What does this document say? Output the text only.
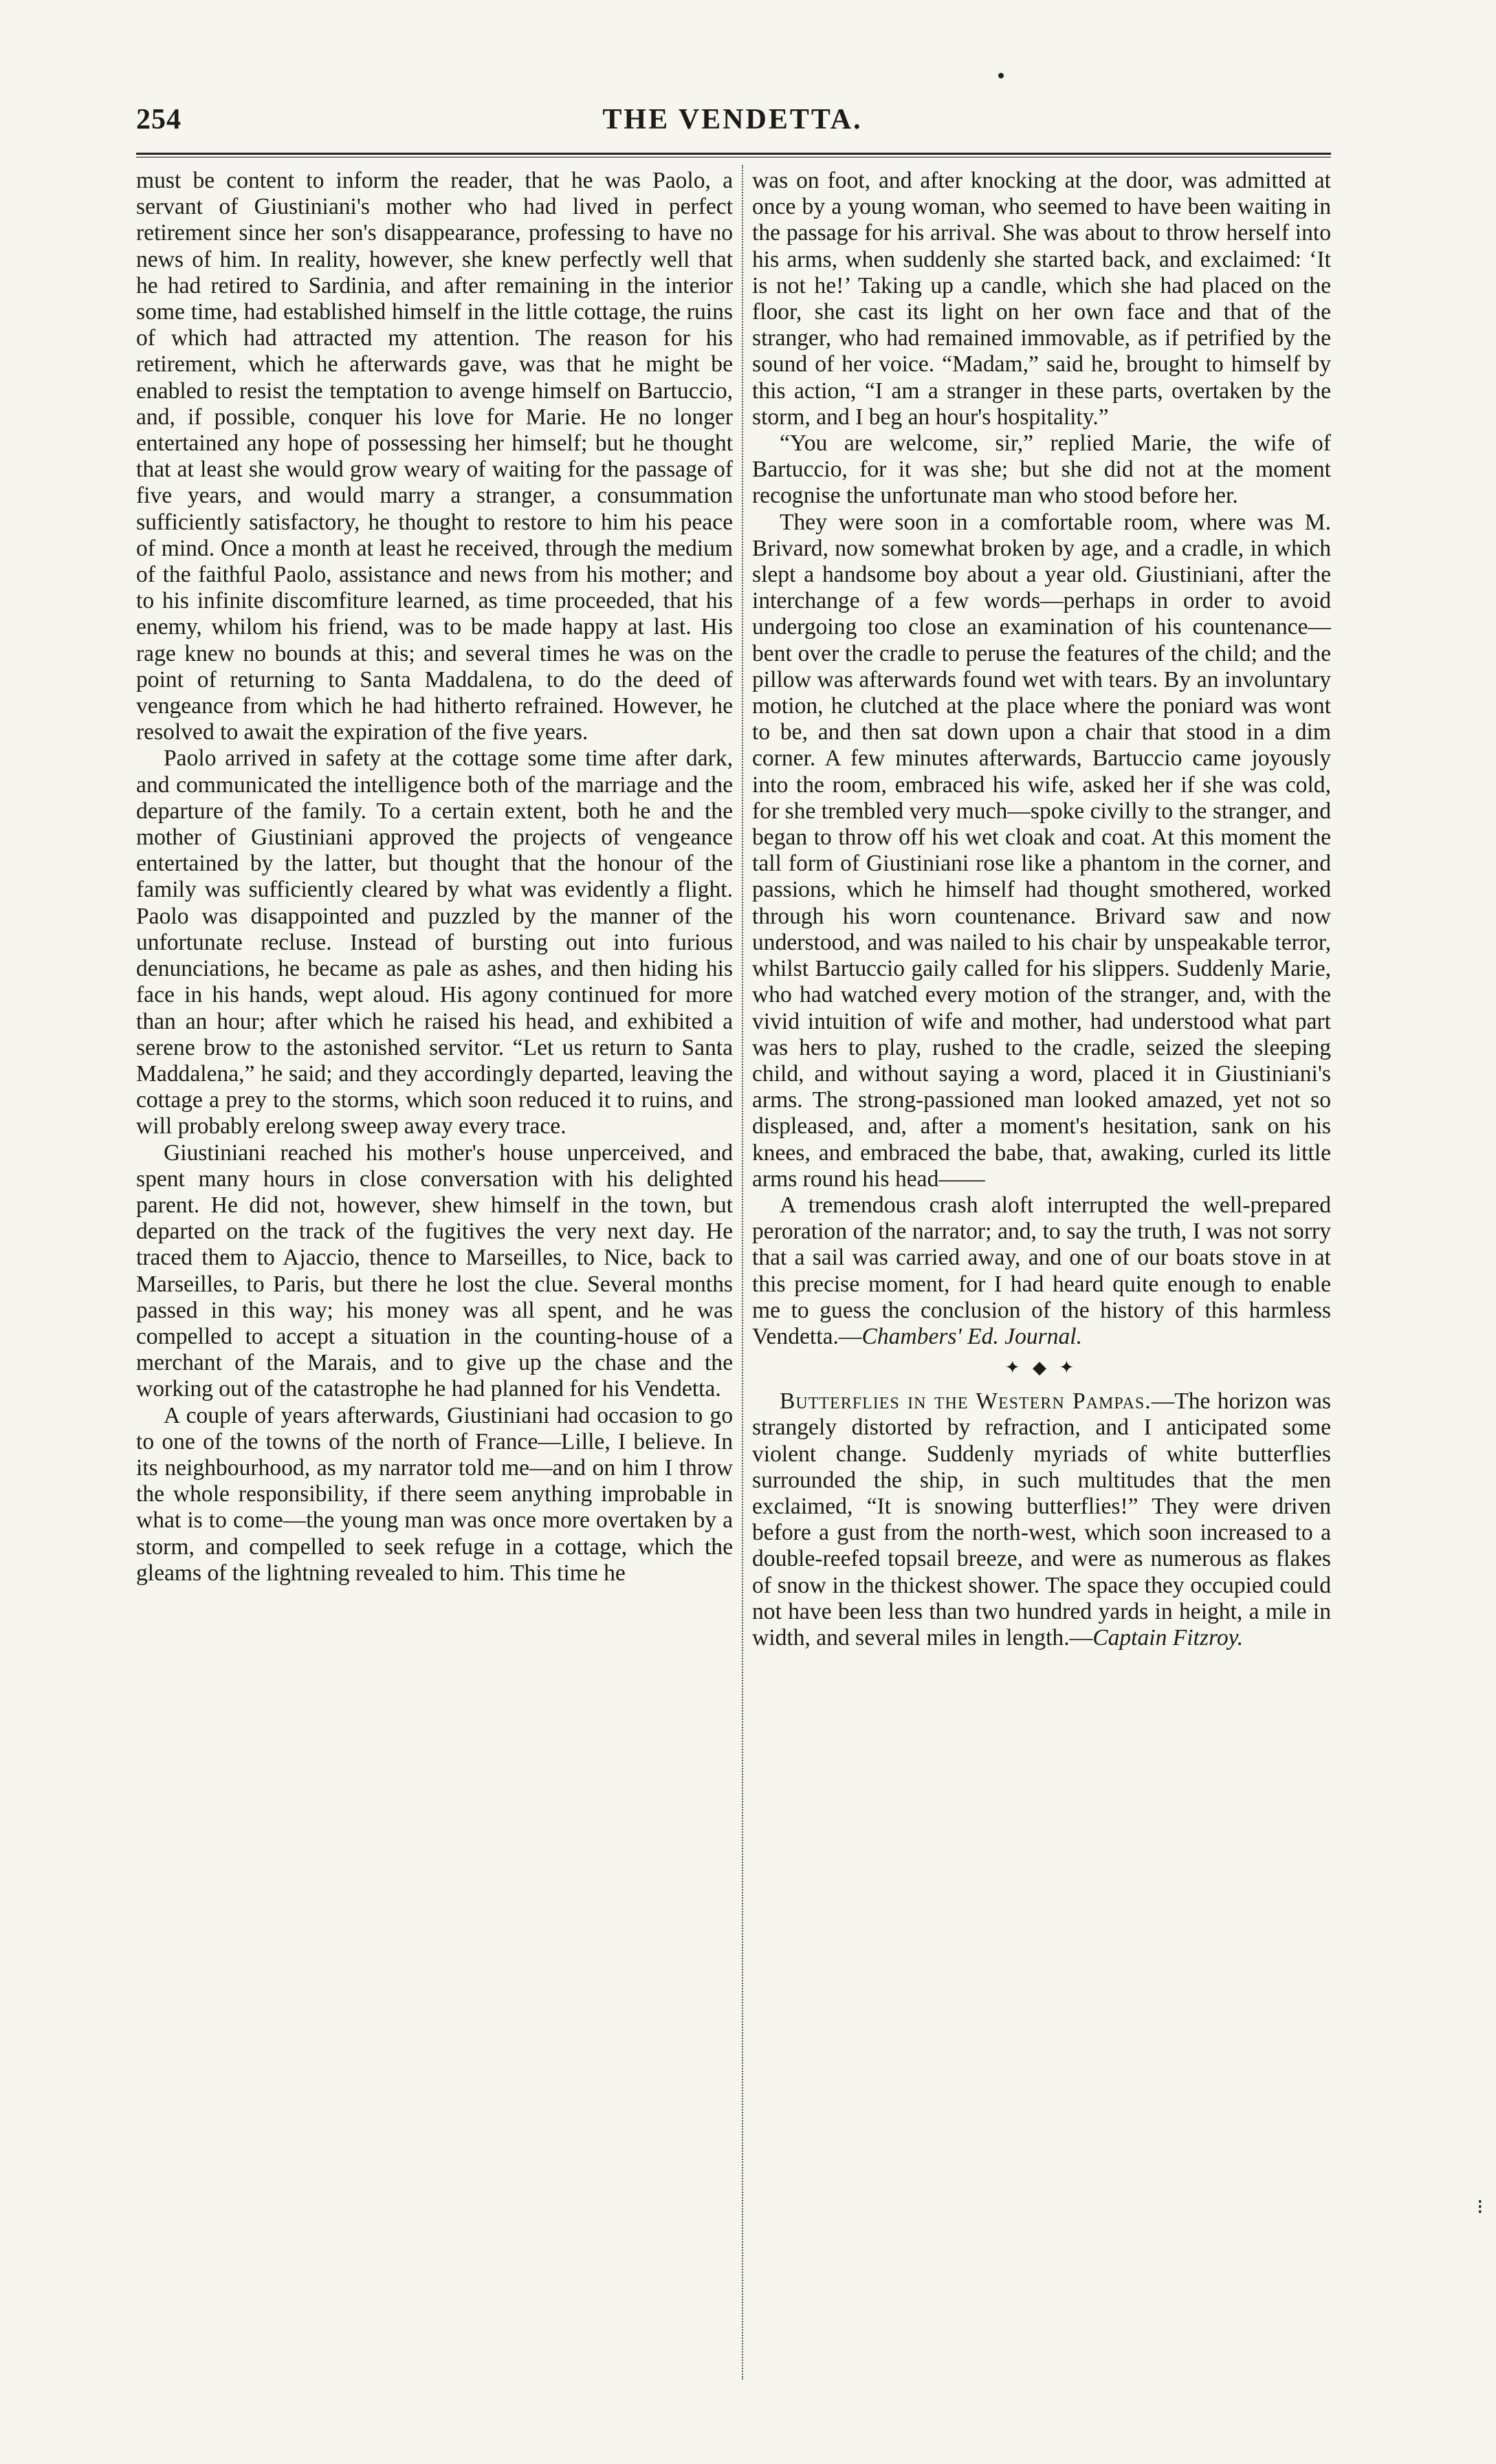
254	THE VENDETTA.

must be content to inform the reader, that he was Paolo, a servant of Giustiniani's mother who had lived in perfect retirement since her son's disappearance, professing to have no news of him. In reality, however, she knew perfectly well that he had retired to Sardinia, and after remaining in the interior some time, had established himself in the little cottage, the ruins of which had attracted my attention. The reason for his retirement, which he afterwards gave, was that he might be enabled to resist the temptation to avenge himself on Bartuccio, and, if possible, conquer his love for Marie. He no longer entertained any hope of possessing her himself; but he thought that at least she would grow weary of waiting for the passage of five years, and would marry a stranger, a consummation sufficiently satisfactory, he thought to restore to him his peace of mind. Once a month at least he received, through the medium of the faithful Paolo, assistance and news from his mother; and to his infinite discomfiture learned, as time proceeded, that his enemy, whilom his friend, was to be made happy at last. His rage knew no bounds at this; and several times he was on the point of returning to Santa Maddalena, to do the deed of vengeance from which he had hitherto refrained. However, he resolved to await the expiration of the five years.

Paolo arrived in safety at the cottage some time after dark, and communicated the intelligence both of the marriage and the departure of the family. To a certain extent, both he and the mother of Giustiniani approved the projects of vengeance entertained by the latter, but thought that the honour of the family was sufficiently cleared by what was evidently a flight. Paolo was disappointed and puzzled by the manner of the unfortunate recluse. Instead of bursting out into furious denunciations, he became as pale as ashes, and then hiding his face in his hands, wept aloud. His agony continued for more than an hour; after which he raised his head, and exhibited a serene brow to the astonished servitor. “Let us return to Santa Maddalena,” he said; and they accordingly departed, leaving the cottage a prey to the storms, which soon reduced it to ruins, and will probably erelong sweep away every trace.

Giustiniani reached his mother's house unperceived, and spent many hours in close conversation with his delighted parent. He did not, however, shew himself in the town, but departed on the track of the fugitives the very next day. He traced them to Ajaccio, thence to Marseilles, to Nice, back to Marseilles, to Paris, but there he lost the clue. Several months passed in this way; his money was all spent, and he was compelled to accept a situation in the counting-house of a merchant of the Marais, and to give up the chase and the working out of the catastrophe he had planned for his Vendetta.

A couple of years afterwards, Giustiniani had occasion to go to one of the towns of the north of France—Lille, I believe. In its neighbourhood, as my narrator told me—and on him I throw the whole responsibility, if there seem anything improbable in what is to come—the young man was once more overtaken by a storm, and compelled to seek refuge in a cottage, which the gleams of the lightning revealed to him. This time he

was on foot, and after knocking at the door, was admitted at once by a young woman, who seemed to have been waiting in the passage for his arrival. She was about to throw herself into his arms, when suddenly she started back, and exclaimed: ‘It is not he!’ Taking up a candle, which she had placed on the floor, she cast its light on her own face and that of the stranger, who had remained immovable, as if petrified by the sound of her voice. “Madam,” said he, brought to himself by this action, “I am a stranger in these parts, overtaken by the storm, and I beg an hour's hospitality.”

“You are welcome, sir,” replied Marie, the wife of Bartuccio, for it was she; but she did not at the moment recognise the unfortunate man who stood before her.

They were soon in a comfortable room, where was M. Brivard, now somewhat broken by age, and a cradle, in which slept a handsome boy about a year old. Giustiniani, after the interchange of a few words—perhaps in order to avoid undergoing too close an examination of his countenance—bent over the cradle to peruse the features of the child; and the pillow was afterwards found wet with tears. By an involuntary motion, he clutched at the place where the poniard was wont to be, and then sat down upon a chair that stood in a dim corner. A few minutes afterwards, Bartuccio came joyously into the room, embraced his wife, asked her if she was cold, for she trembled very much—spoke civilly to the stranger, and began to throw off his wet cloak and coat. At this moment the tall form of Giustiniani rose like a phantom in the corner, and passions, which he himself had thought smothered, worked through his worn countenance. Brivard saw and now understood, and was nailed to his chair by unspeakable terror, whilst Bartuccio gaily called for his slippers. Suddenly Marie, who had watched every motion of the stranger, and, with the vivid intuition of wife and mother, had understood what part was hers to play, rushed to the cradle, seized the sleeping child, and without saying a word, placed it in Giustiniani's arms. The strong-passioned man looked amazed, yet not so displeased, and, after a moment's hesitation, sank on his knees, and embraced the babe, that, awaking, curled its little arms round his head——

A tremendous crash aloft interrupted the well-prepared peroration of the narrator; and, to say the truth, I was not sorry that a sail was carried away, and one of our boats stove in at this precise moment, for I had heard quite enough to enable me to guess the conclusion of the history of this harmless Vendetta.—Chambers' Ed. Journal.

✦ ◆ ✦

Butterflies in the Western Pampas.—The horizon was strangely distorted by refraction, and I anticipated some violent change. Suddenly myriads of white butterflies surrounded the ship, in such multitudes that the men exclaimed, “It is snowing butterflies!” They were driven before a gust from the north-west, which soon increased to a double-reefed topsail breeze, and were as numerous as flakes of snow in the thickest shower. The space they occupied could not have been less than two hundred yards in height, a mile in width, and several miles in length.—Captain Fitzroy.

⁝
